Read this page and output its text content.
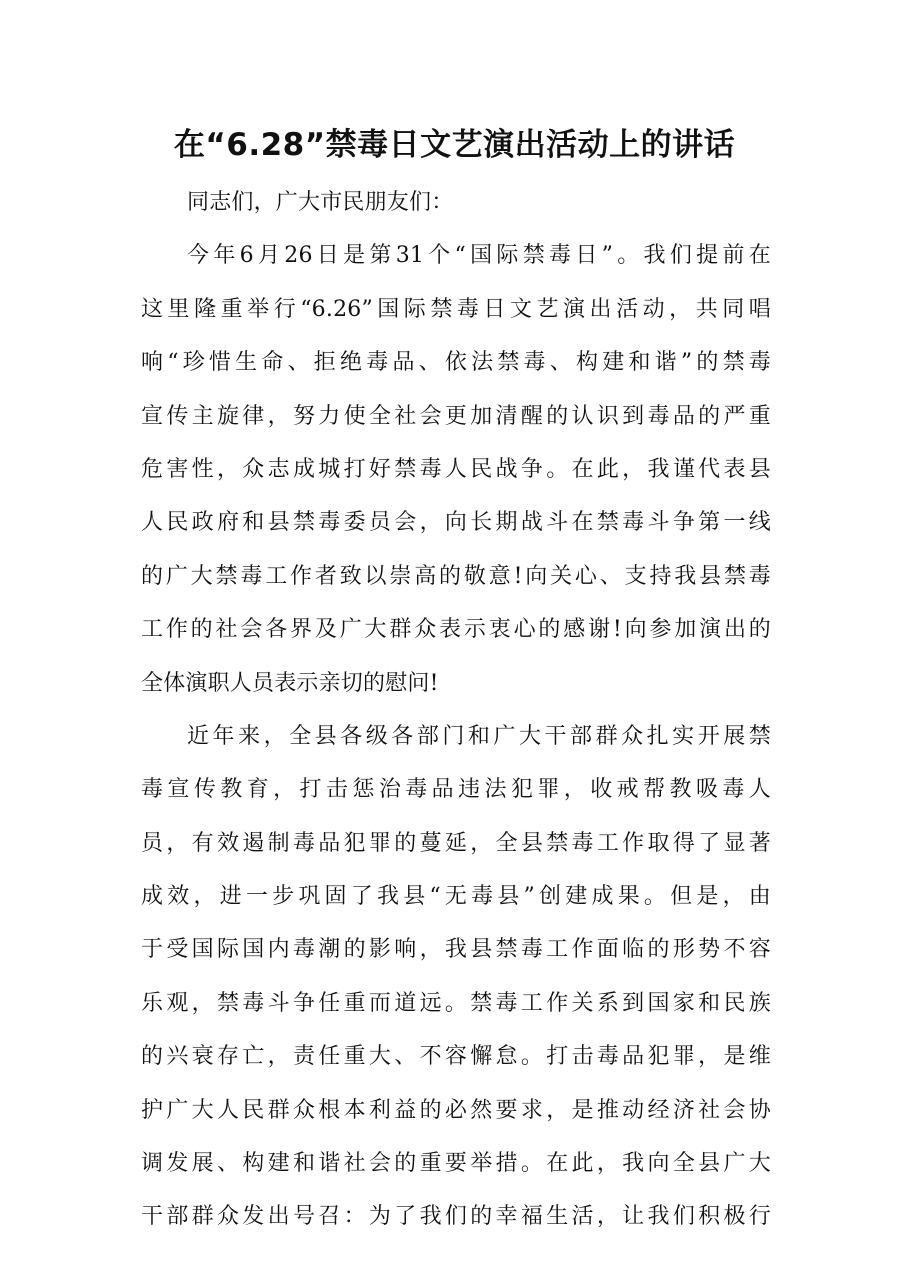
在“6.28”禁毒日文艺演出活动上的讲话
同志们，广大市民朋友们：
今年6月26日是第31个“国际禁毒日”。我们提前在
这里隆重举行“6.26”国际禁毒日文艺演出活动，共同唱
响“珍惜生命、拒绝毒品、依法禁毒、构建和谐”的禁毒
宣传主旋律，努力使全社会更加清醒的认识到毒品的严重
危害性，众志成城打好禁毒人民战争。在此，我谨代表县
人民政府和县禁毒委员会，向长期战斗在禁毒斗争第一线
的广大禁毒工作者致以崇高的敬意!向关心、支持我县禁毒
工作的社会各界及广大群众表示衷心的感谢!向参加演出的
全体演职人员表示亲切的慰问!
近年来，全县各级各部门和广大干部群众扎实开展禁
毒宣传教育，打击惩治毒品违法犯罪，收戒帮教吸毒人
员，有效遏制毒品犯罪的蔓延，全县禁毒工作取得了显著
成效，进一步巩固了我县“无毒县”创建成果。但是，由
于受国际国内毒潮的影响，我县禁毒工作面临的形势不容
乐观，禁毒斗争任重而道远。禁毒工作关系到国家和民族
的兴衰存亡，责任重大、不容懈怠。打击毒品犯罪，是维
护广大人民群众根本利益的必然要求，是推动经济社会协
调发展、构建和谐社会的重要举措。在此，我向全县广大
干部群众发出号召：为了我们的幸福生活，让我们积极行
